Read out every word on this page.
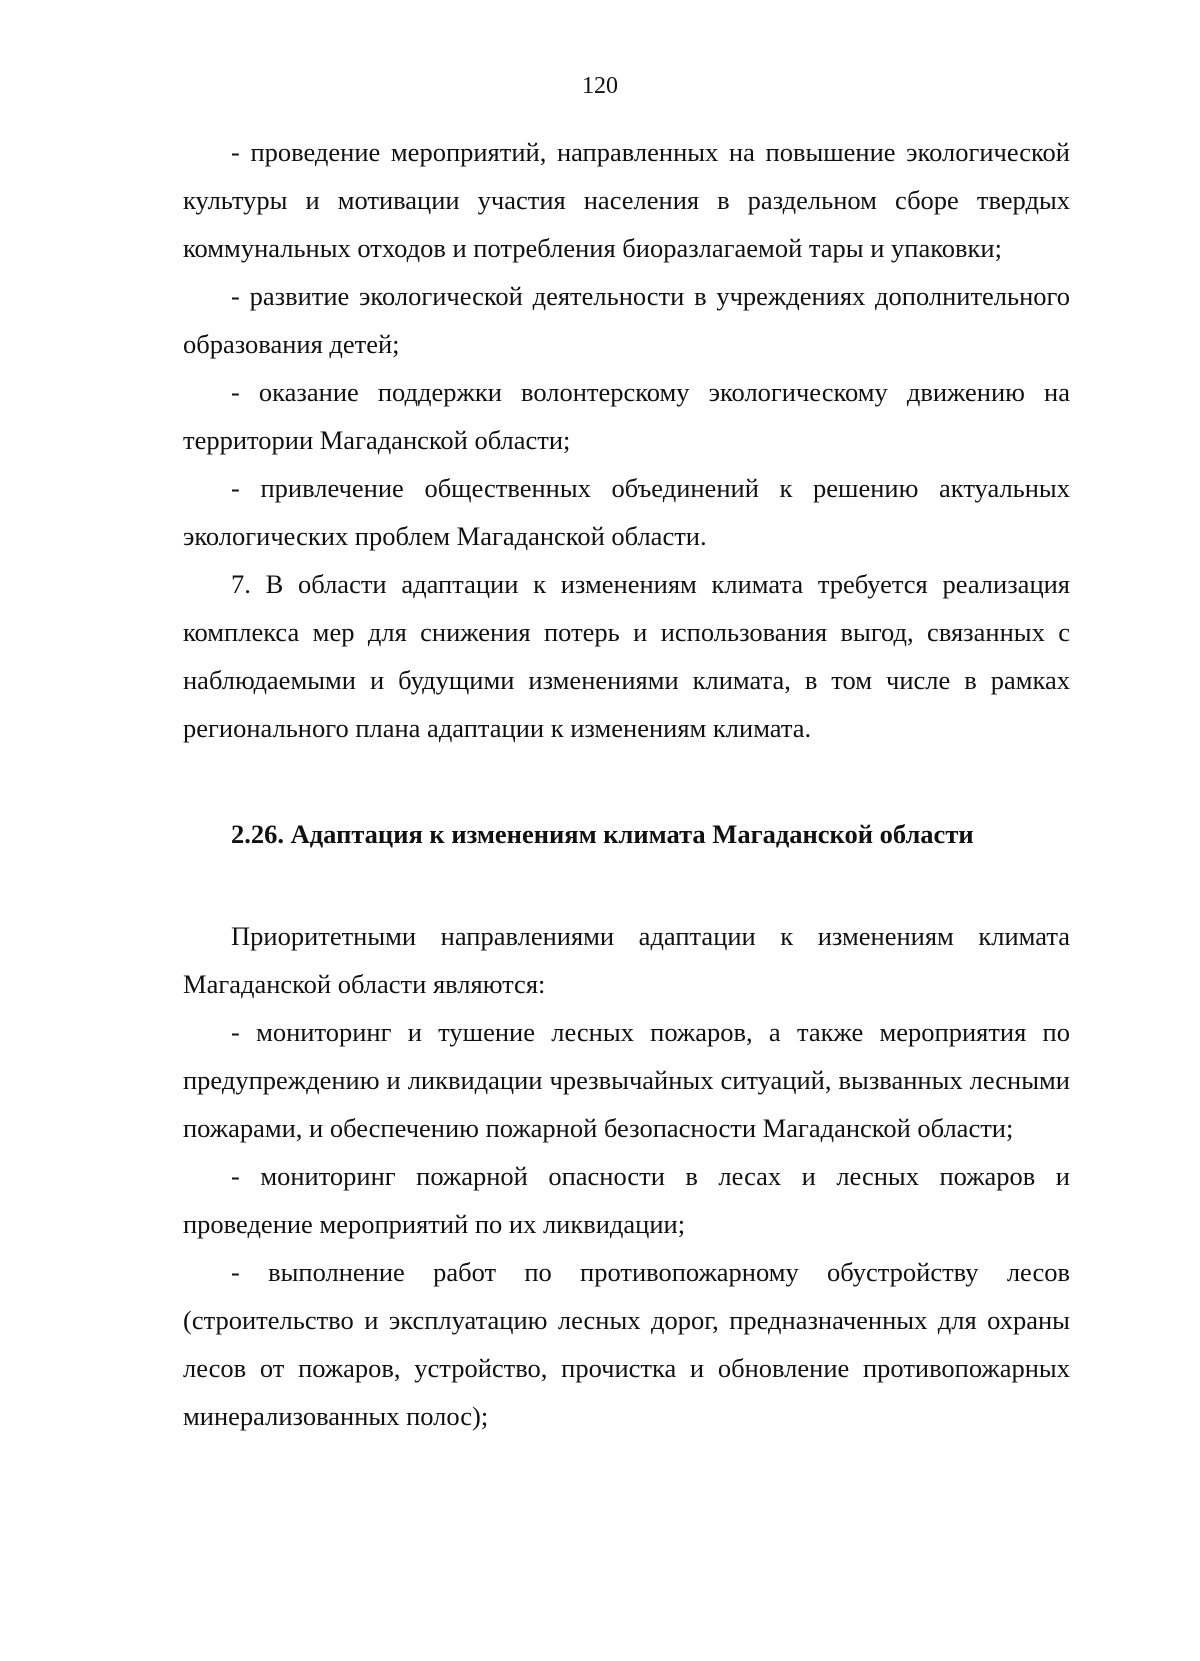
120

- проведение мероприятий, направленных на повышение экологической культуры и мотивации участия населения в раздельном сборе твердых коммунальных отходов и потребления биоразлагаемой тары и упаковки;

- развитие экологической деятельности в учреждениях дополнительного образования детей;

- оказание поддержки волонтерскому экологическому движению на территории Магаданской области;

- привлечение общественных объединений к решению актуальных экологических проблем Магаданской области.

7. В области адаптации к изменениям климата требуется реализация комплекса мер для снижения потерь и использования выгод, связанных с наблюдаемыми и будущими изменениями климата, в том числе в рамках регионального плана адаптации к изменениям климата.

2.26. Адаптация к изменениям климата Магаданской области

Приоритетными направлениями адаптации к изменениям климата Магаданской области являются:

- мониторинг и тушение лесных пожаров, а также мероприятия по предупреждению и ликвидации чрезвычайных ситуаций, вызванных лесными пожарами, и обеспечению пожарной безопасности Магаданской области;

- мониторинг пожарной опасности в лесах и лесных пожаров и проведение мероприятий по их ликвидации;

- выполнение работ по противопожарному обустройству лесов (строительство и эксплуатацию лесных дорог, предназначенных для охраны лесов от пожаров, устройство, прочистка и обновление противопожарных минерализованных полос);
